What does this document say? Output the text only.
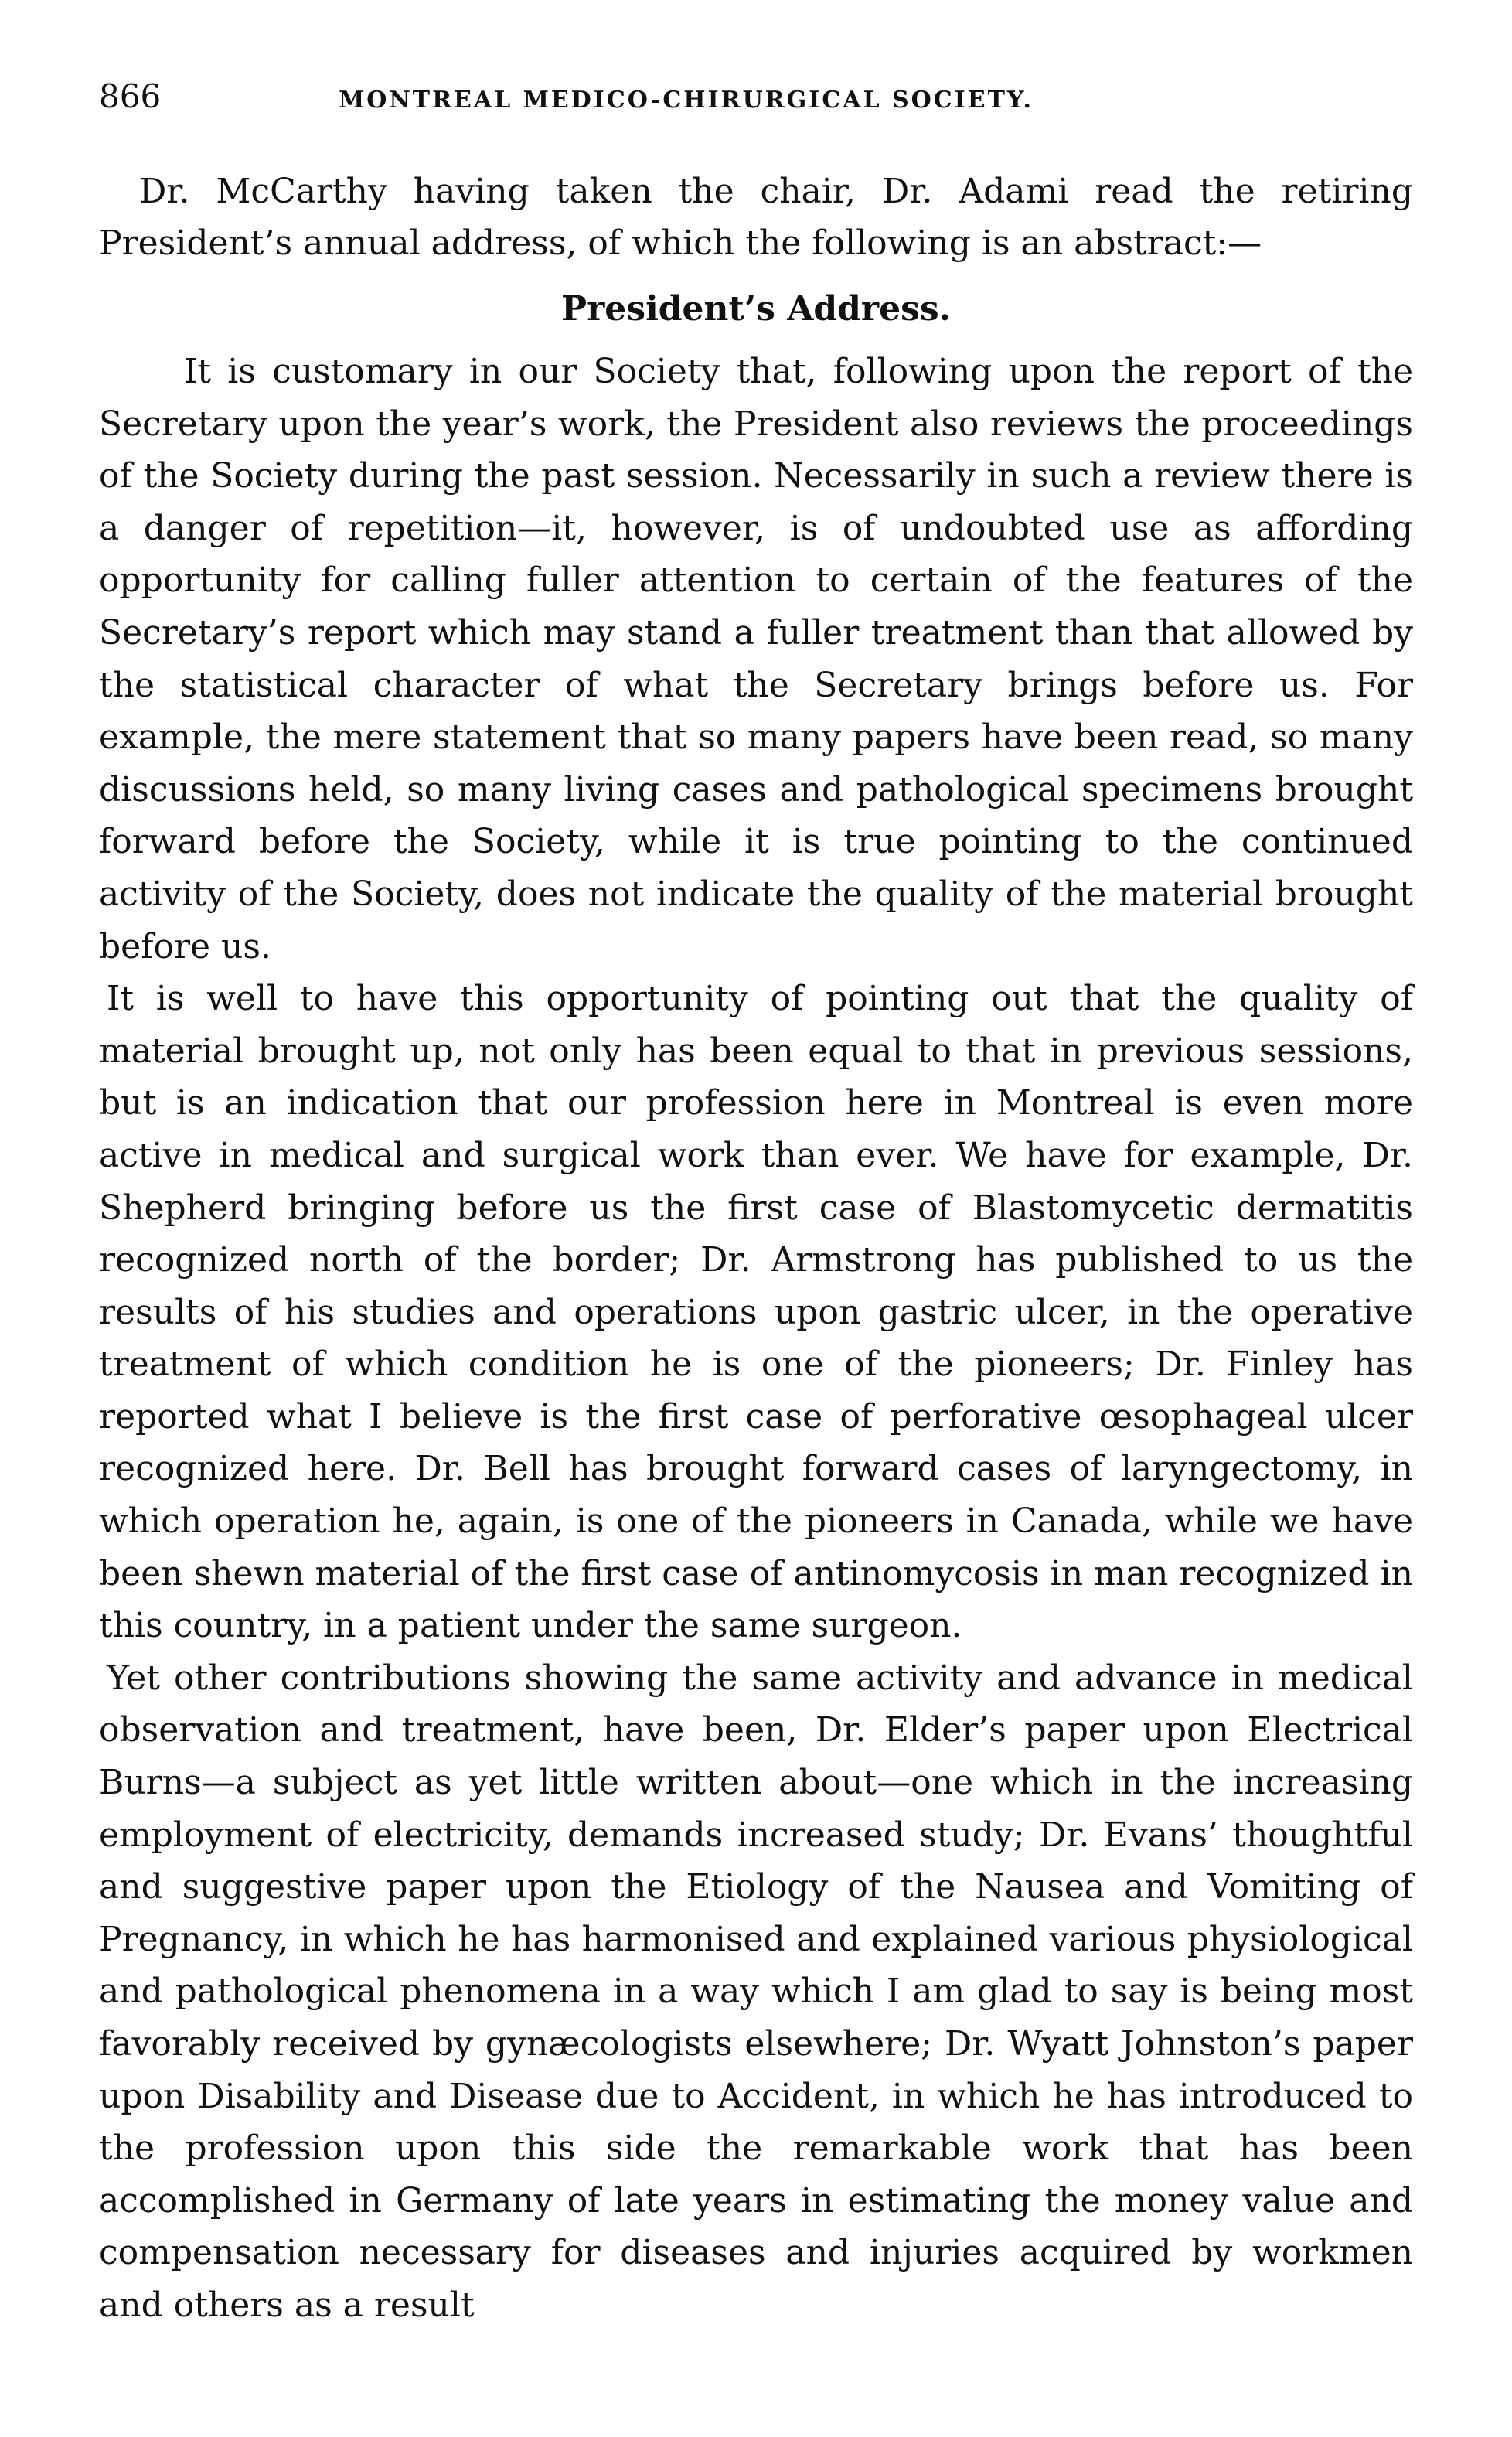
866	MONTREAL MEDICO-CHIRURGICAL SOCIETY.

Dr. McCarthy having taken the chair, Dr. Adami read the retiring President’s annual address, of which the following is an abstract:—

President’s Address.

It is customary in our Society that, following upon the report of the Secretary upon the year’s work, the President also reviews the proceedings of the Society during the past session. Necessarily in such a review there is a danger of repetition—it, however, is of undoubted use as affording opportunity for calling fuller attention to certain of the features of the Secretary’s report which may stand a fuller treatment than that allowed by the statistical character of what the Secretary brings before us. For example, the mere statement that so many papers have been read, so many discussions held, so many living cases and pathological specimens brought forward before the Society, while it is true pointing to the continued activity of the Society, does not indicate the quality of the material brought before us.

It is well to have this opportunity of pointing out that the quality of material brought up, not only has been equal to that in previous sessions, but is an indication that our profession here in Montreal is even more active in medical and surgical work than ever. We have for example, Dr. Shepherd bringing before us the first case of Blastomycetic dermatitis recognized north of the border; Dr. Armstrong has published to us the results of his studies and operations upon gastric ulcer, in the operative treatment of which condition he is one of the pioneers; Dr. Finley has reported what I believe is the first case of perforative œsophageal ulcer recognized here. Dr. Bell has brought forward cases of laryngectomy, in which operation he, again, is one of the pioneers in Canada, while we have been shewn material of the first case of antinomycosis in man recognized in this country, in a patient under the same surgeon.

Yet other contributions showing the same activity and advance in medical observation and treatment, have been, Dr. Elder’s paper upon Electrical Burns—a subject as yet little written about—one which in the increasing employment of electricity, demands increased study; Dr. Evans’ thoughtful and suggestive paper upon the Etiology of the Nausea and Vomiting of Pregnancy, in which he has harmonised and explained various physiological and pathological phenomena in a way which I am glad to say is being most favorably received by gynæcologists elsewhere; Dr. Wyatt Johnston’s paper upon Disability and Disease due to Accident, in which he has introduced to the profession upon this side the remarkable work that has been accomplished in Germany of late years in estimating the money value and compensation necessary for diseases and injuries acquired by workmen and others as a result
